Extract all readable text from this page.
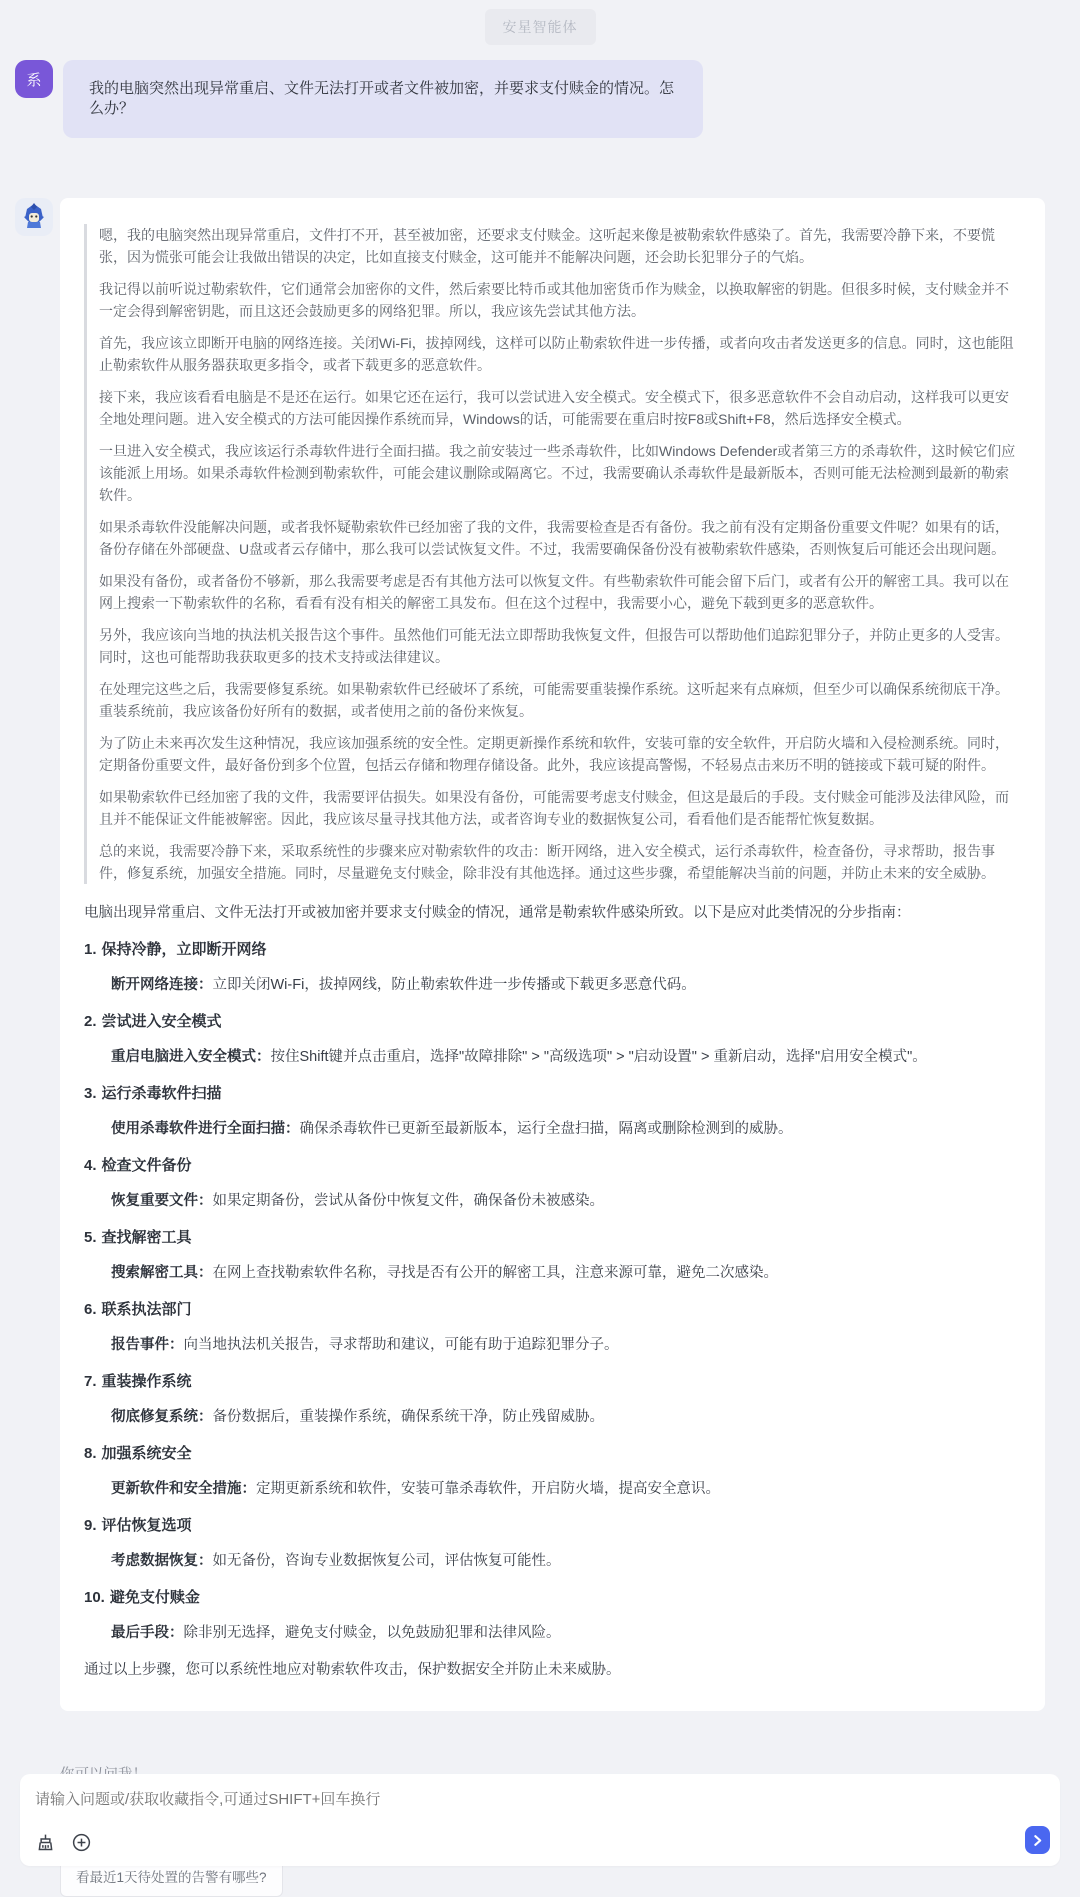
安星智能体
系	我的电脑突然出现异常重启、文件无法打开或者文件被加密，并要求支付赎金的情况。怎么办？

嗯，我的电脑突然出现异常重启，文件打不开，甚至被加密，还要求支付赎金。这听起来像是被勒索软件感染了。首先，我需要冷静下来，不要慌张，因为慌张可能会让我做出错误的决定，比如直接支付赎金，这可能并不能解决问题，还会助长犯罪分子的气焰。

我记得以前听说过勒索软件，它们通常会加密你的文件，然后索要比特币或其他加密货币作为赎金，以换取解密的钥匙。但很多时候，支付赎金并不一定会得到解密钥匙，而且这还会鼓励更多的网络犯罪。所以，我应该先尝试其他方法。

首先，我应该立即断开电脑的网络连接。关闭Wi-Fi，拔掉网线，这样可以防止勒索软件进一步传播，或者向攻击者发送更多的信息。同时，这也能阻止勒索软件从服务器获取更多指令，或者下载更多的恶意软件。

接下来，我应该看看电脑是不是还在运行。如果它还在运行，我可以尝试进入安全模式。安全模式下，很多恶意软件不会自动启动，这样我可以更安全地处理问题。进入安全模式的方法可能因操作系统而异，Windows的话，可能需要在重启时按F8或Shift+F8，然后选择安全模式。

一旦进入安全模式，我应该运行杀毒软件进行全面扫描。我之前安装过一些杀毒软件，比如Windows Defender或者第三方的杀毒软件，这时候它们应该能派上用场。如果杀毒软件检测到勒索软件，可能会建议删除或隔离它。不过，我需要确认杀毒软件是最新版本，否则可能无法检测到最新的勒索软件。

如果杀毒软件没能解决问题，或者我怀疑勒索软件已经加密了我的文件，我需要检查是否有备份。我之前有没有定期备份重要文件呢？如果有的话，备份存储在外部硬盘、U盘或者云存储中，那么我可以尝试恢复文件。不过，我需要确保备份没有被勒索软件感染，否则恢复后可能还会出现问题。

如果没有备份，或者备份不够新，那么我需要考虑是否有其他方法可以恢复文件。有些勒索软件可能会留下后门，或者有公开的解密工具。我可以在网上搜索一下勒索软件的名称，看看有没有相关的解密工具发布。但在这个过程中，我需要小心，避免下载到更多的恶意软件。

另外，我应该向当地的执法机关报告这个事件。虽然他们可能无法立即帮助我恢复文件，但报告可以帮助他们追踪犯罪分子，并防止更多的人受害。同时，这也可能帮助我获取更多的技术支持或法律建议。

在处理完这些之后，我需要修复系统。如果勒索软件已经破坏了系统，可能需要重装操作系统。这听起来有点麻烦，但至少可以确保系统彻底干净。重装系统前，我应该备份好所有的数据，或者使用之前的备份来恢复。

为了防止未来再次发生这种情况，我应该加强系统的安全性。定期更新操作系统和软件，安装可靠的安全软件，开启防火墙和入侵检测系统。同时，定期备份重要文件，最好备份到多个位置，包括云存储和物理存储设备。此外，我应该提高警惕，不轻易点击来历不明的链接或下载可疑的附件。

如果勒索软件已经加密了我的文件，我需要评估损失。如果没有备份，可能需要考虑支付赎金，但这是最后的手段。支付赎金可能涉及法律风险，而且并不能保证文件能被解密。因此，我应该尽量寻找其他方法，或者咨询专业的数据恢复公司，看看他们是否能帮忙恢复数据。

总的来说，我需要冷静下来，采取系统性的步骤来应对勒索软件的攻击：断开网络，进入安全模式，运行杀毒软件，检查备份，寻求帮助，报告事件，修复系统，加强安全措施。同时，尽量避免支付赎金，除非没有其他选择。通过这些步骤，希望能解决当前的问题，并防止未来的安全威胁。

电脑出现异常重启、文件无法打开或被加密并要求支付赎金的情况，通常是勒索软件感染所致。以下是应对此类情况的分步指南：
1. 保持冷静，立即断开网络
断开网络连接：立即关闭Wi-Fi，拔掉网线，防止勒索软件进一步传播或下载更多恶意代码。
2. 尝试进入安全模式
重启电脑进入安全模式：按住Shift键并点击重启，选择"故障排除" > "高级选项" > "启动设置" > 重新启动，选择"启用安全模式"。
3. 运行杀毒软件扫描
使用杀毒软件进行全面扫描：确保杀毒软件已更新至最新版本，运行全盘扫描，隔离或删除检测到的威胁。
4. 检查文件备份
恢复重要文件：如果定期备份，尝试从备份中恢复文件，确保备份未被感染。
5. 查找解密工具
搜索解密工具：在网上查找勒索软件名称，寻找是否有公开的解密工具，注意来源可靠，避免二次感染。
6. 联系执法部门
报告事件：向当地执法机关报告，寻求帮助和建议，可能有助于追踪犯罪分子。
7. 重装操作系统
彻底修复系统：备份数据后，重装操作系统，确保系统干净，防止残留威胁。
8. 加强系统安全
更新软件和安全措施：定期更新系统和软件，安装可靠杀毒软件，开启防火墙，提高安全意识。
9. 评估恢复选项
考虑数据恢复：如无备份，咨询专业数据恢复公司，评估恢复可能性。
10. 避免支付赎金
最后手段：除非别无选择，避免支付赎金，以免鼓励犯罪和法律风险。
通过以上步骤，您可以系统性地应对勒索软件攻击，保护数据安全并防止未来威胁。
看最近1天待处置的告警有哪些?
请输入问题或/获取收藏指令,可通过SHIFT+回车换行
